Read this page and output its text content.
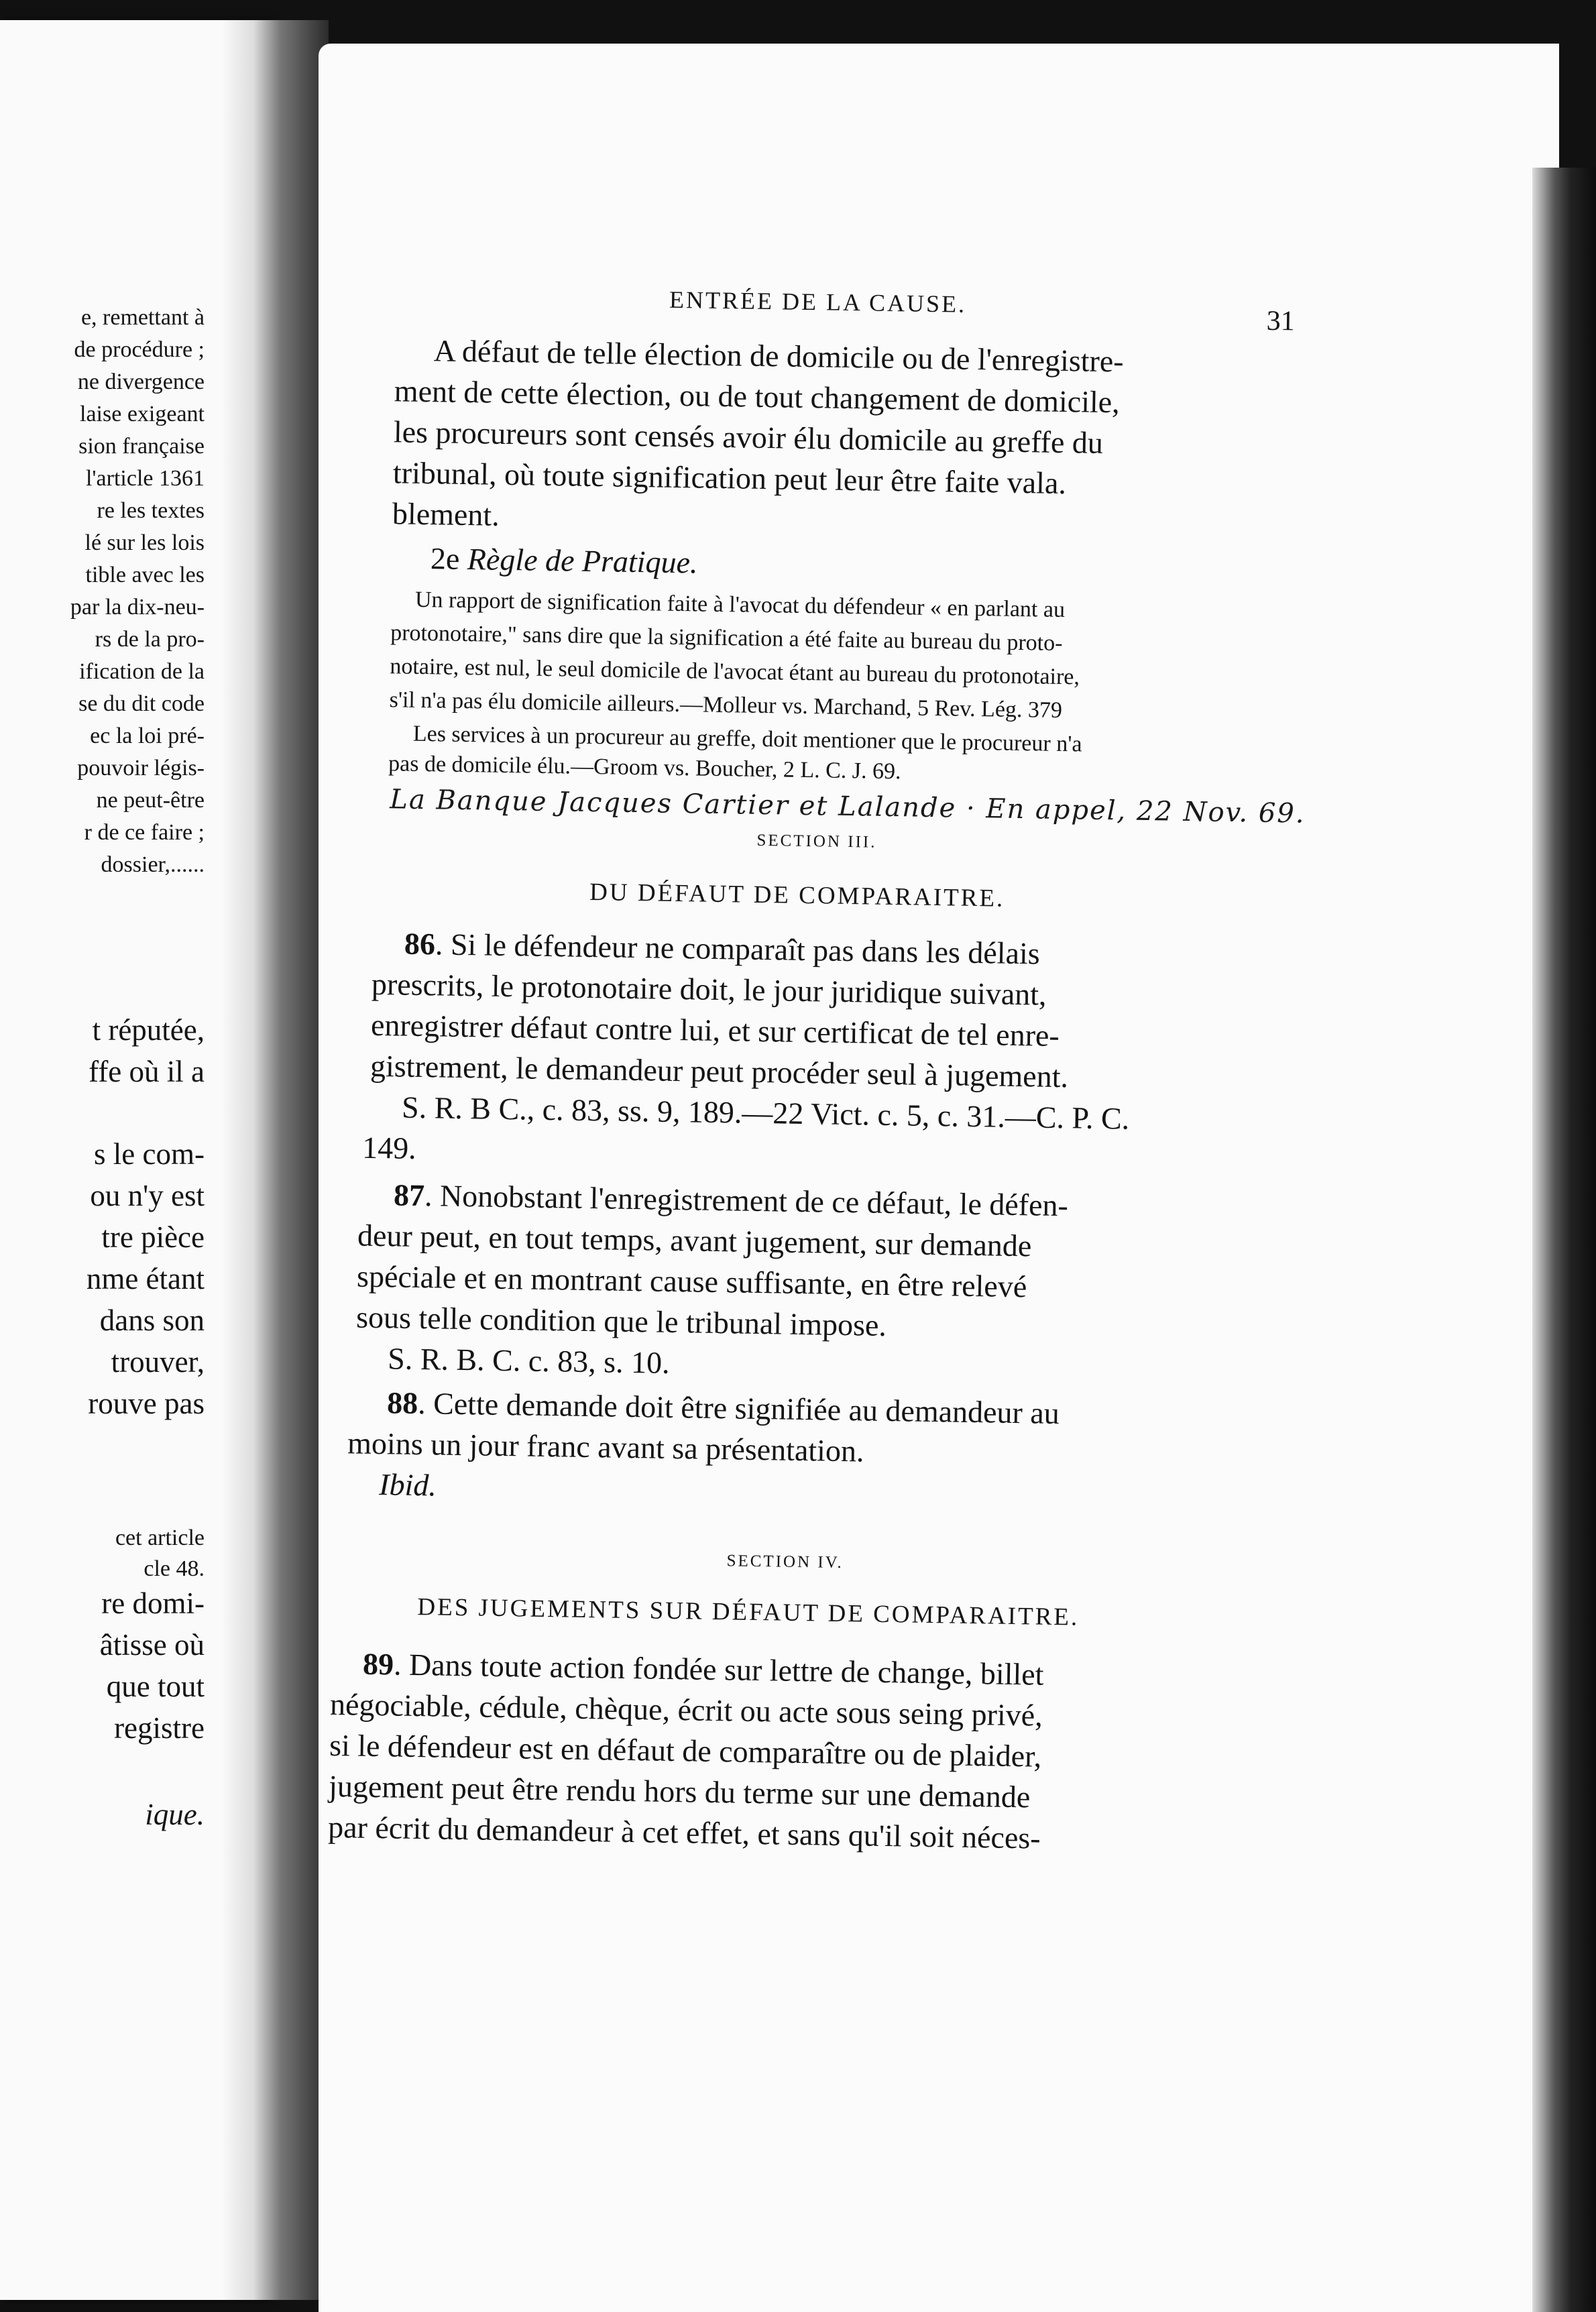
e, remettant à
de procédure ;
ne divergence
laise exigeant
sion française
l'article 1361
re les textes
lé sur les lois
tible avec les
par la dix-neu-
rs de la pro-
ification de la
se du dit code
ec la loi pré-
pouvoir légis-
ne peut-être
r de ce faire ;
dossier,......
t réputée,
ffe où il a
s le com-
ou n'y est
tre pièce
nme étant
dans son
trouver,
rouve pas
cet article
cle 48.
re domi-
âtisse où
que tout
registre
ique.
ENTRÉE DE LA CAUSE.
31
A défaut de telle élection de domicile ou de l'enregistre-
ment de cette élection, ou de tout changement de domicile,
les procureurs sont censés avoir élu domicile au greffe du
tribunal, où toute signification peut leur être faite vala.
blement.
2e Règle de Pratique.
Un rapport de signification faite à l'avocat du défendeur « en parlant au
protonotaire," sans dire que la signification a été faite au bureau du proto-
notaire, est nul, le seul domicile de l'avocat étant au bureau du protonotaire,
s'il n'a pas élu domicile ailleurs.—Molleur vs. Marchand, 5 Rev. Lég. 379
Les services à un procureur au greffe, doit mentioner que le procureur n'a
pas de domicile élu.—Groom vs. Boucher, 2 L. C. J. 69.
La Banque Jacques Cartier et Lalande · En appel, 22 Nov. 69.
SECTION III.
DU DÉFAUT DE COMPARAITRE.
86. Si le défendeur ne comparaît pas dans les délais
prescrits, le protonotaire doit, le jour juridique suivant,
enregistrer défaut contre lui, et sur certificat de tel enre-
gistrement, le demandeur peut procéder seul à jugement.
S. R. B C., c. 83, ss. 9, 189.—22 Vict. c. 5, c. 31.—C. P. C.
149.
87. Nonobstant l'enregistrement de ce défaut, le défen-
deur peut, en tout temps, avant jugement, sur demande
spéciale et en montrant cause suffisante, en être relevé
sous telle condition que le tribunal impose.
S. R. B. C. c. 83, s. 10.
88. Cette demande doit être signifiée au demandeur au
moins un jour franc avant sa présentation.
Ibid.
SECTION IV.
DES JUGEMENTS SUR DÉFAUT DE COMPARAITRE.
89. Dans toute action fondée sur lettre de change, billet
négociable, cédule, chèque, écrit ou acte sous seing privé,
si le défendeur est en défaut de comparaître ou de plaider,
jugement peut être rendu hors du terme sur une demande
par écrit du demandeur à cet effet, et sans qu'il soit néces-
